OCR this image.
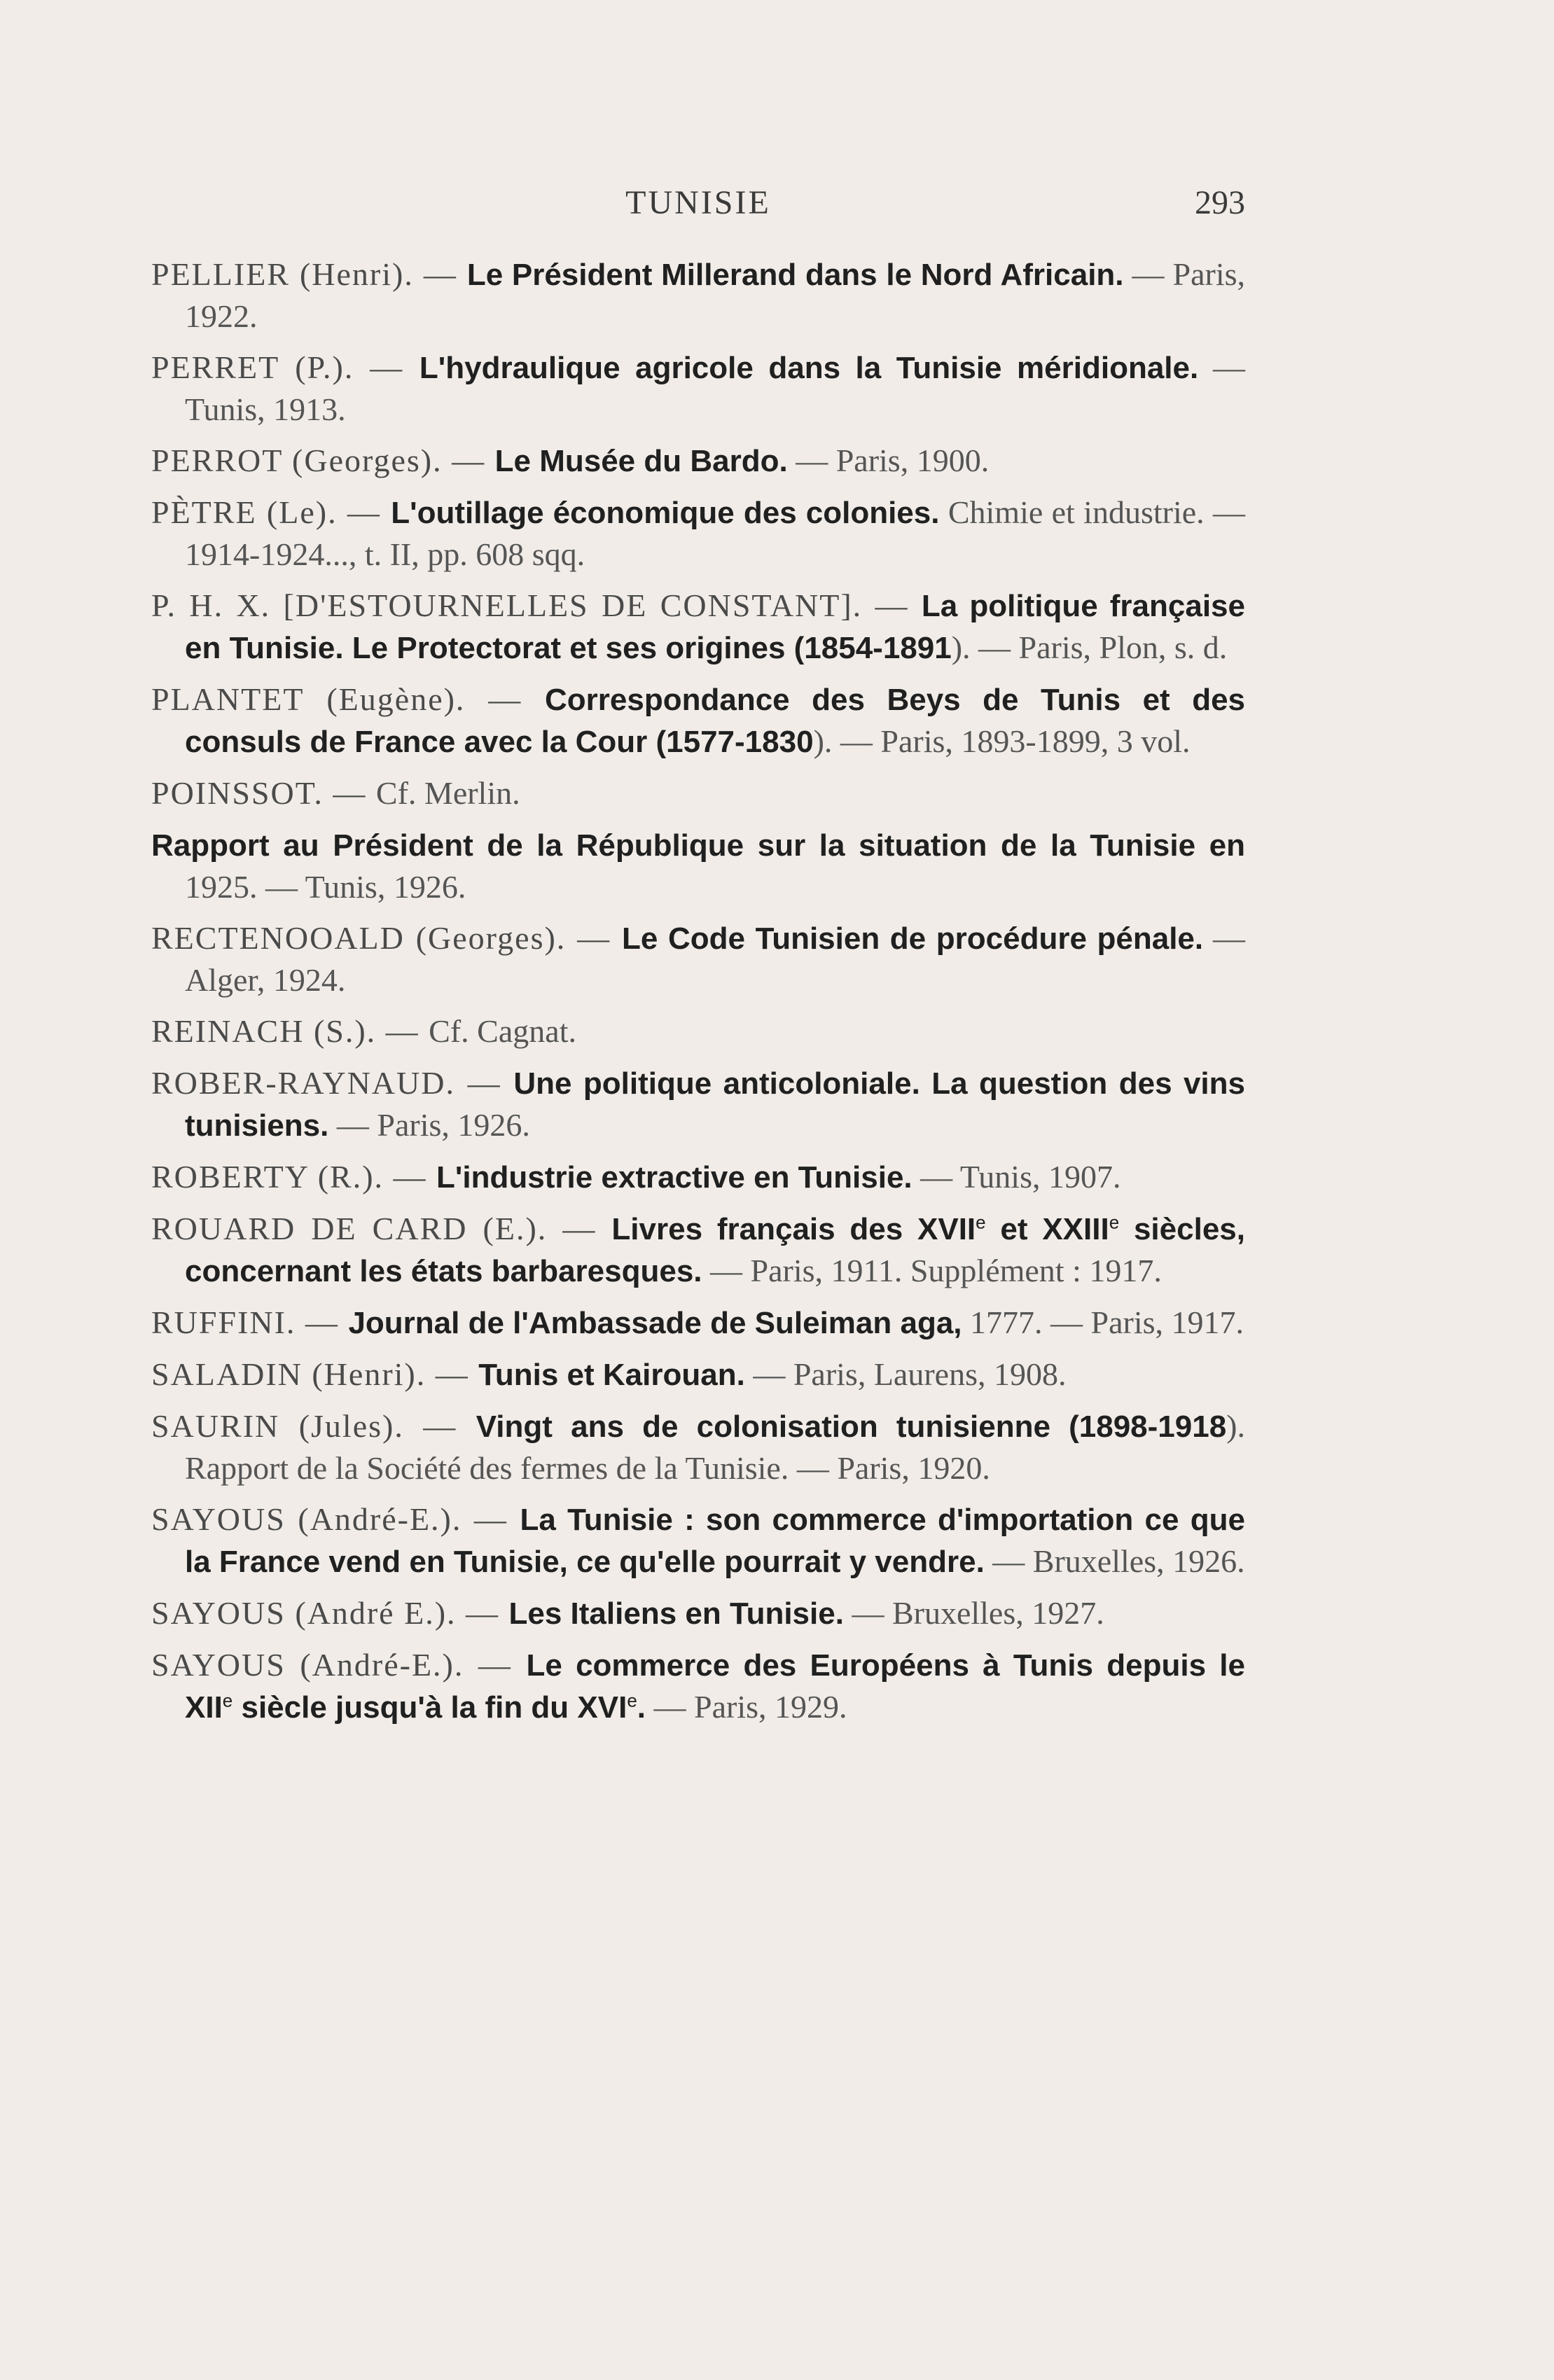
TUNISIE	293

PELLIER (Henri). — Le Président Millerand dans le Nord Africain. — Paris, 1922.

PERRET (P.). — L'hydraulique agricole dans la Tunisie méridionale. — Tunis, 1913.

PERROT (Georges). — Le Musée du Bardo. — Paris, 1900.

PÈTRE (Le). — L'outillage économique des colonies. Chimie et industrie. — 1914-1924..., t. II, pp. 608 sqq.

P. H. X. [D'ESTOURNELLES DE CONSTANT]. — La politique française en Tunisie. Le Protectorat et ses origines (1854-1891). — Paris, Plon, s. d.

PLANTET (Eugène). — Correspondance des Beys de Tunis et des consuls de France avec la Cour (1577-1830). — Paris, 1893-1899, 3 vol.

POINSSOT. — Cf. Merlin.

Rapport au Président de la République sur la situation de la Tunisie en 1925. — Tunis, 1926.

RECTENOOALD (Georges). — Le Code Tunisien de procédure pénale. — Alger, 1924.

REINACH (S.). — Cf. Cagnat.

ROBER-RAYNAUD. — Une politique anticoloniale. La question des vins tunisiens. — Paris, 1926.

ROBERTY (R.). — L'industrie extractive en Tunisie. — Tunis, 1907.

ROUARD DE CARD (E.). — Livres français des XVIIe et XXIIIe siècles, concernant les états barbaresques. — Paris, 1911. Supplément : 1917.

RUFFINI. — Journal de l'Ambassade de Suleiman aga, 1777. — Paris, 1917.

SALADIN (Henri). — Tunis et Kairouan. — Paris, Laurens, 1908.

SAURIN (Jules). — Vingt ans de colonisation tunisienne (1898-1918). Rapport de la Société des fermes de la Tunisie. — Paris, 1920.

SAYOUS (André-E.). — La Tunisie : son commerce d'importation ce que la France vend en Tunisie, ce qu'elle pourrait y vendre. — Bruxelles, 1926.

SAYOUS (André E.). — Les Italiens en Tunisie. — Bruxelles, 1927.

SAYOUS (André-E.). — Le commerce des Européens à Tunis depuis le XIIe siècle jusqu'à la fin du XVIe. — Paris, 1929.
